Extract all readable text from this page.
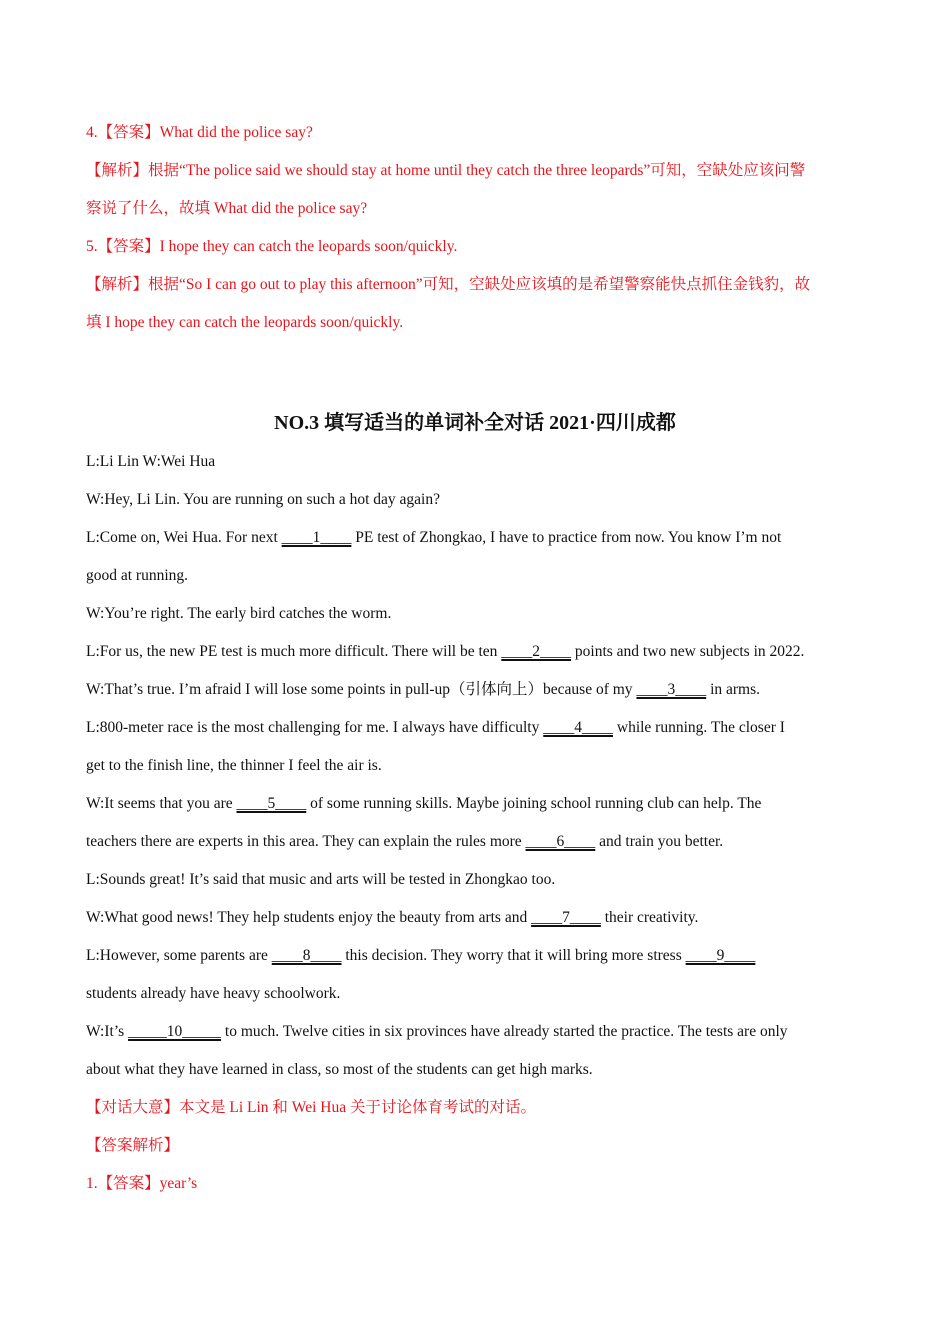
4.【答案】What did the police say?
【解析】根据“The police said we should stay at home until they catch the three leopards”可知，空缺处应该问警
察说了什么，故填 What did the police say?
5.【答案】I hope they can catch the leopards soon/quickly.
【解析】根据“So I can go out to play this afternoon”可知，空缺处应该填的是希望警察能快点抓住金钱豹，故
填 I hope they can catch the leopards soon/quickly.
NO.3 填写适当的单词补全对话 2021·四川成都
L:Li Lin W:Wei Hua
W:Hey, Li Lin. You are running on such a hot day again?
L:Come on, Wei Hua. For next ____1____ PE test of Zhongkao, I have to practice from now. You know I’m not
good at running.
W:You’re right. The early bird catches the worm.
L:For us, the new PE test is much more difficult. There will be ten ____2____ points and two new subjects in 2022.
W:That’s true. I’m afraid I will lose some points in pull-up（引体向上）because of my ____3____ in arms.
L:800-meter race is the most challenging for me. I always have difficulty ____4____ while running. The closer I
get to the finish line, the thinner I feel the air is.
W:It seems that you are ____5____ of some running skills. Maybe joining school running club can help. The
teachers there are experts in this area. They can explain the rules more ____6____ and train you better.
L:Sounds great! It’s said that music and arts will be tested in Zhongkao too.
W:What good news! They help students enjoy the beauty from arts and ____7____ their creativity.
L:However, some parents are ____8____ this decision. They worry that it will bring more stress ____9____
students already have heavy schoolwork.
W:It’s _____10_____ to much. Twelve cities in six provinces have already started the practice. The tests are only
about what they have learned in class, so most of the students can get high marks.
【对话大意】本文是 Li Lin 和 Wei Hua 关于讨论体育考试的对话。
【答案解析】
1.【答案】year’s
